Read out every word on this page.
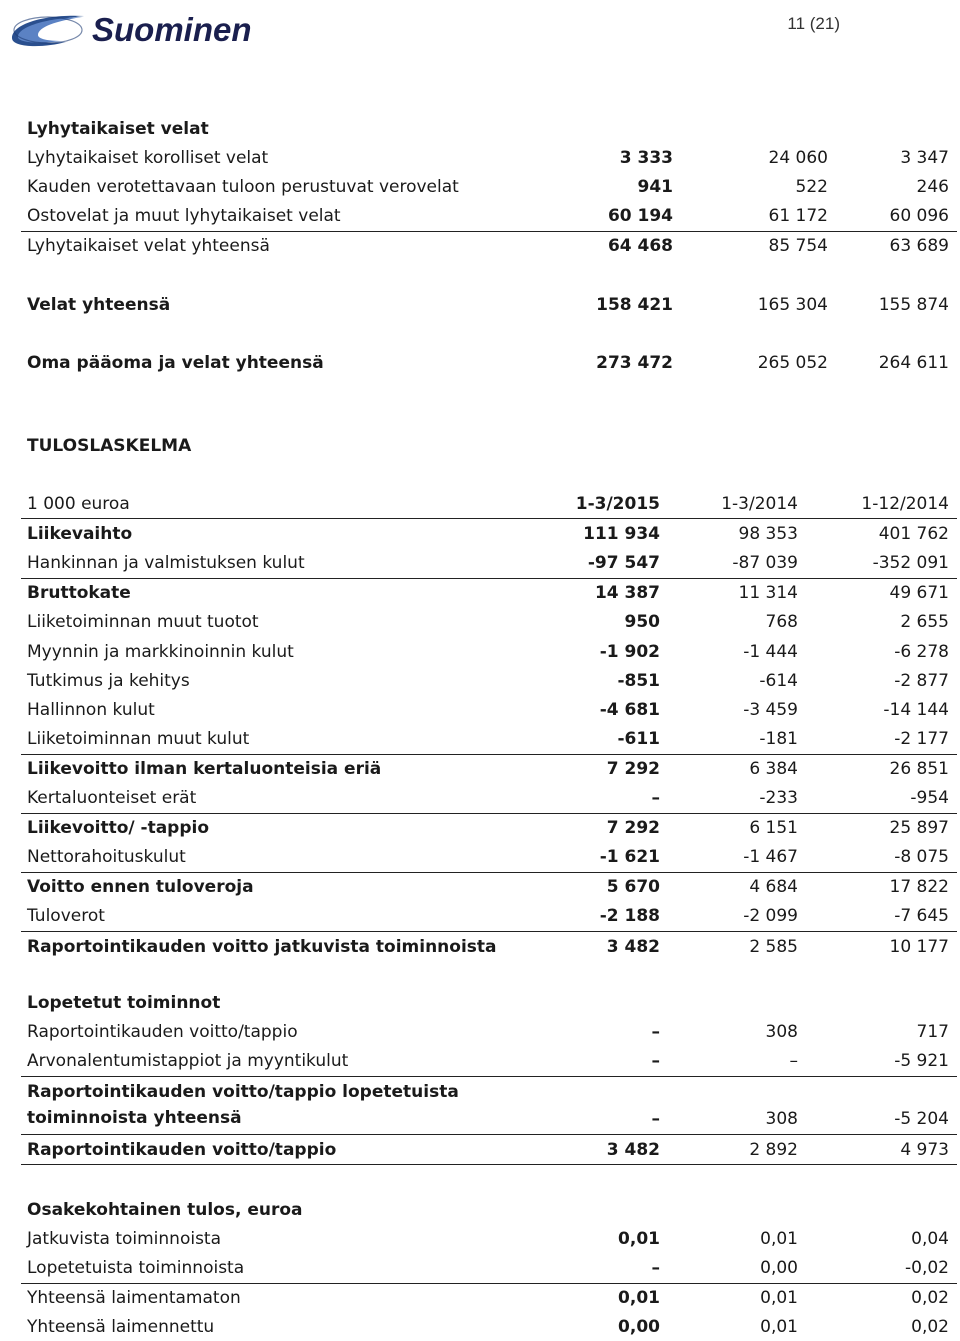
Suominen	11 (21)
Lyhytaikaiset velat
Lyhytaikaiset korolliset velat	3 333	24 060	3 347
Kauden verotettavaan tuloon perustuvat verovelat	941	522	246
Ostovelat ja muut lyhytaikaiset velat	60 194	61 172	60 096
Lyhytaikaiset velat yhteensä	64 468	85 754	63 689
Velat yhteensä	158 421	165 304	155 874
Oma pääoma ja velat yhteensä	273 472	265 052	264 611
TULOSLASKELMA
1 000 euroa	1-3/2015	1-3/2014	1-12/2014
Liikevaihto	111 934	98 353	401 762
Hankinnan ja valmistuksen kulut	-97 547	-87 039	-352 091
Bruttokate	14 387	11 314	49 671
Liiketoiminnan muut tuotot	950	768	2 655
Myynnin ja markkinoinnin kulut	-1 902	-1 444	-6 278
Tutkimus ja kehitys	-851	-614	-2 877
Hallinnon kulut	-4 681	-3 459	-14 144
Liiketoiminnan muut kulut	-611	-181	-2 177
Liikevoitto ilman kertaluonteisia eriä	7 292	6 384	26 851
Kertaluonteiset erät	–	-233	-954
Liikevoitto/ -tappio	7 292	6 151	25 897
Nettorahoituskulut	-1 621	-1 467	-8 075
Voitto ennen tuloveroja	5 670	4 684	17 822
Tuloverot	-2 188	-2 099	-7 645
Raportointikauden voitto jatkuvista toiminnoista	3 482	2 585	10 177
Lopetetut toiminnot
Raportointikauden voitto/tappio	–	308	717
Arvonalentumistappiot ja myyntikulut	–	–	-5 921
Raportointikauden voitto/tappio lopetetuista
toiminnoista yhteensä	–	308	-5 204
Raportointikauden voitto/tappio	3 482	2 892	4 973
Osakekohtainen tulos, euroa
Jatkuvista toiminnoista	0,01	0,01	0,04
Lopetetuista toiminnoista	–	0,00	-0,02
Yhteensä laimentamaton	0,01	0,01	0,02
Yhteensä laimennettu	0,00	0,01	0,02
